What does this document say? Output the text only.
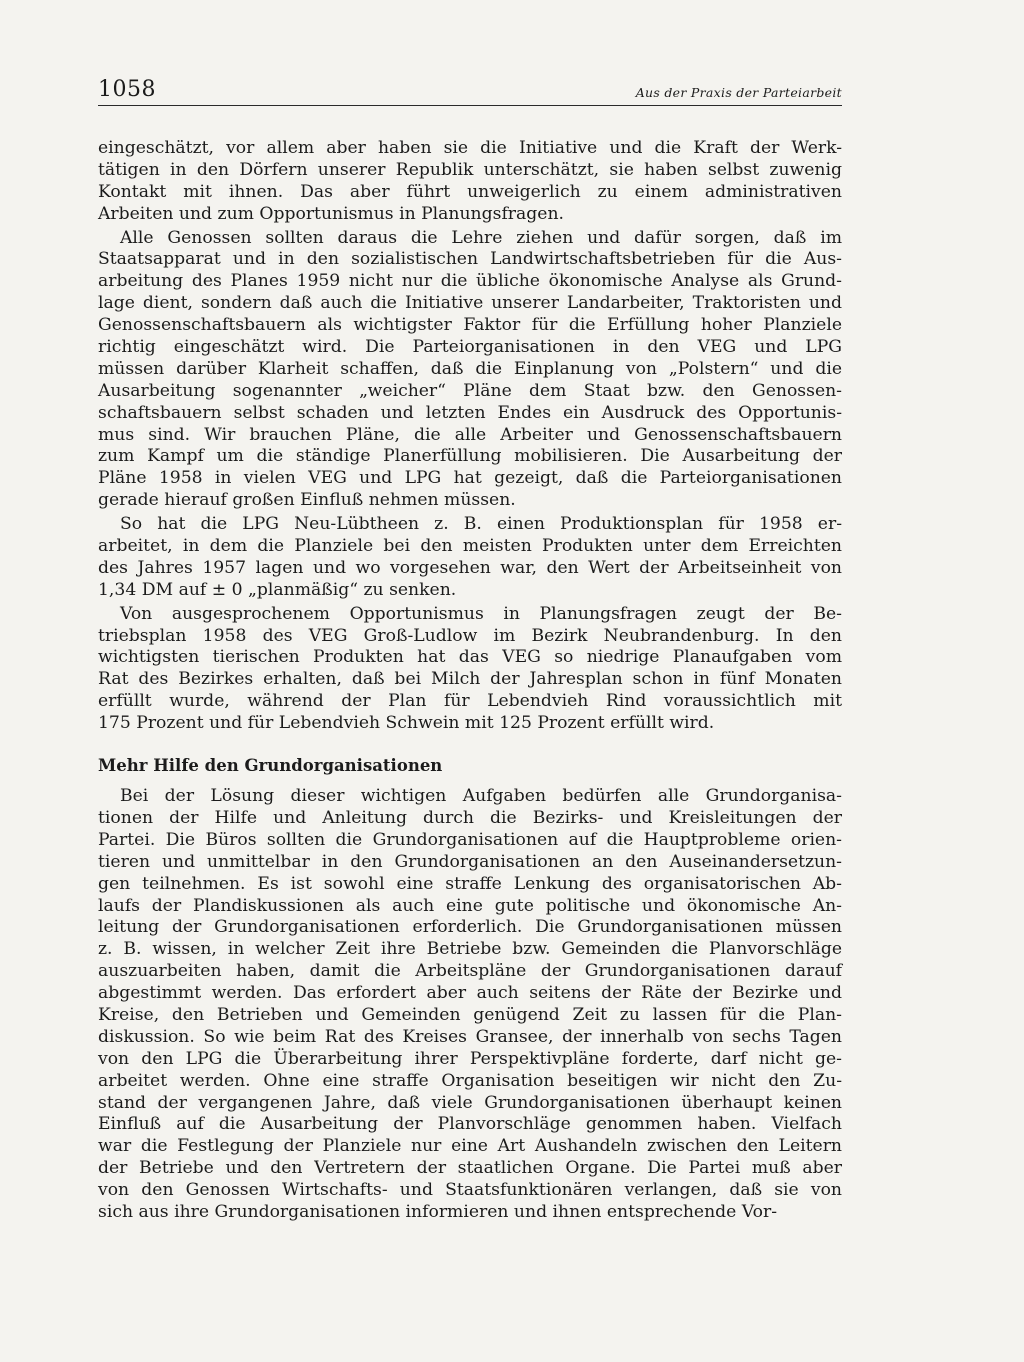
1058	Aus der Praxis der Parteiarbeit
eingeschätzt, vor allem aber haben sie die Initiative und die Kraft der Werk-
tätigen in den Dörfern unserer Republik unterschätzt, sie haben selbst zuwenig
Kontakt mit ihnen. Das aber führt unweigerlich zu einem administrativen
Arbeiten und zum Opportunismus in Planungsfragen.
Alle Genossen sollten daraus die Lehre ziehen und dafür sorgen, daß im
Staatsapparat und in den sozialistischen Landwirtschaftsbetrieben für die Aus-
arbeitung des Planes 1959 nicht nur die übliche ökonomische Analyse als Grund-
lage dient, sondern daß auch die Initiative unserer Landarbeiter, Traktoristen und
Genossenschaftsbauern als wichtigster Faktor für die Erfüllung hoher Planziele
richtig eingeschätzt wird. Die Parteiorganisationen in den VEG und LPG
müssen darüber Klarheit schaffen, daß die Einplanung von „Polstern“ und die
Ausarbeitung sogenannter „weicher“ Pläne dem Staat bzw. den Genossen-
schaftsbauern selbst schaden und letzten Endes ein Ausdruck des Opportunis-
mus sind. Wir brauchen Pläne, die alle Arbeiter und Genossenschaftsbauern
zum Kampf um die ständige Planerfüllung mobilisieren. Die Ausarbeitung der
Pläne 1958 in vielen VEG und LPG hat gezeigt, daß die Parteiorganisationen
gerade hierauf großen Einfluß nehmen müssen.
So hat die LPG Neu-Lübtheen z. B. einen Produktionsplan für 1958 er-
arbeitet, in dem die Planziele bei den meisten Produkten unter dem Erreichten
des Jahres 1957 lagen und wo vorgesehen war, den Wert der Arbeitseinheit von
1,34 DM auf ± 0 „planmäßig“ zu senken.
Von ausgesprochenem Opportunismus in Planungsfragen zeugt der Be-
triebsplan 1958 des VEG Groß-Ludlow im Bezirk Neubrandenburg. In den
wichtigsten tierischen Produkten hat das VEG so niedrige Planaufgaben vom
Rat des Bezirkes erhalten, daß bei Milch der Jahresplan schon in fünf Monaten
erfüllt wurde, während der Plan für Lebendvieh Rind voraussichtlich mit
175 Prozent und für Lebendvieh Schwein mit 125 Prozent erfüllt wird.
Mehr Hilfe den Grundorganisationen
Bei der Lösung dieser wichtigen Aufgaben bedürfen alle Grundorganisa-
tionen der Hilfe und Anleitung durch die Bezirks- und Kreisleitungen der
Partei. Die Büros sollten die Grundorganisationen auf die Hauptprobleme orien-
tieren und unmittelbar in den Grundorganisationen an den Auseinandersetzun-
gen teilnehmen. Es ist sowohl eine straffe Lenkung des organisatorischen Ab-
laufs der Plandiskussionen als auch eine gute politische und ökonomische An-
leitung der Grundorganisationen erforderlich. Die Grundorganisationen müssen
z. B. wissen, in welcher Zeit ihre Betriebe bzw. Gemeinden die Planvorschläge
auszuarbeiten haben, damit die Arbeitspläne der Grundorganisationen darauf
abgestimmt werden. Das erfordert aber auch seitens der Räte der Bezirke und
Kreise, den Betrieben und Gemeinden genügend Zeit zu lassen für die Plan-
diskussion. So wie beim Rat des Kreises Gransee, der innerhalb von sechs Tagen
von den LPG die Überarbeitung ihrer Perspektivpläne forderte, darf nicht ge-
arbeitet werden. Ohne eine straffe Organisation beseitigen wir nicht den Zu-
stand der vergangenen Jahre, daß viele Grundorganisationen überhaupt keinen
Einfluß auf die Ausarbeitung der Planvorschläge genommen haben. Vielfach
war die Festlegung der Planziele nur eine Art Aushandeln zwischen den Leitern
der Betriebe und den Vertretern der staatlichen Organe. Die Partei muß aber
von den Genossen Wirtschafts- und Staatsfunktionären verlangen, daß sie von
sich aus ihre Grundorganisationen informieren und ihnen entsprechende Vor-
